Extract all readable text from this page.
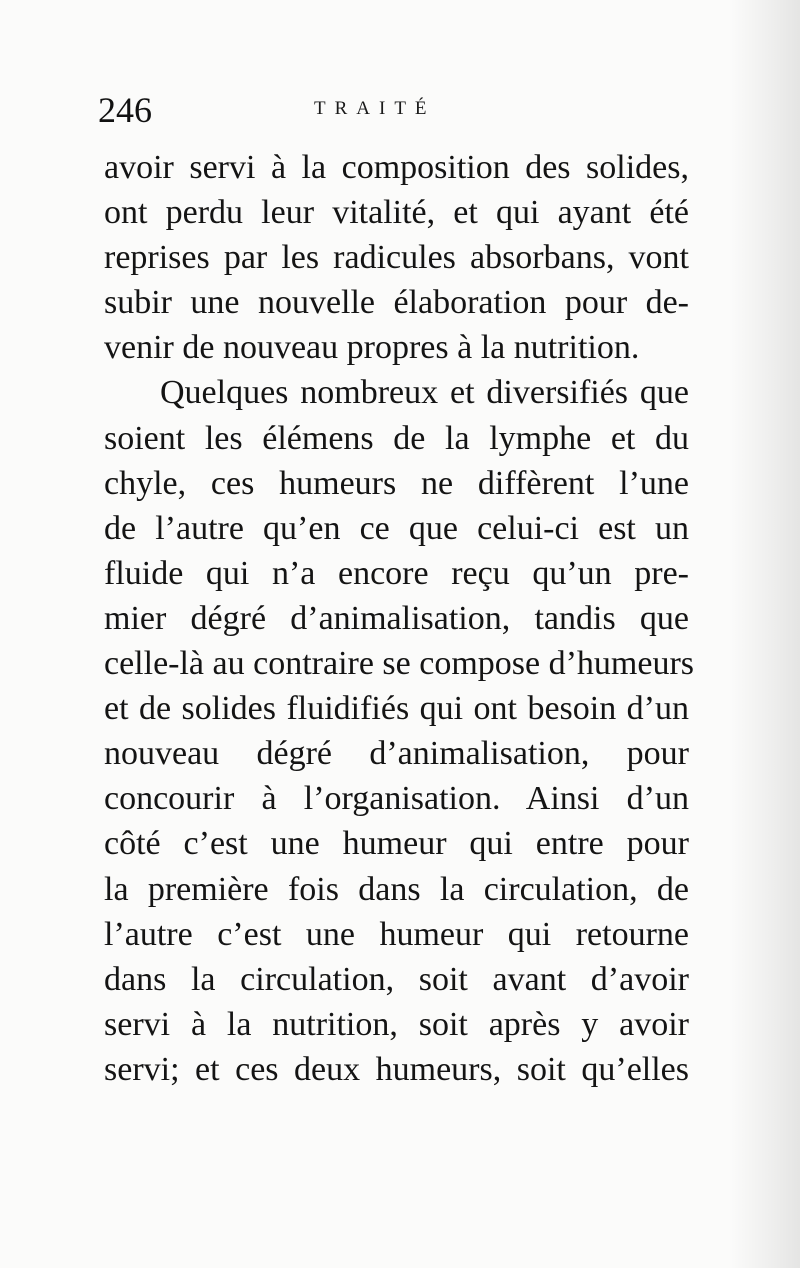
246	TRAITÉ
avoir servi à la composition des solides,
ont perdu leur vitalité, et qui ayant été
reprises par les radicules absorbans, vont
subir une nouvelle élaboration pour de-
venir de nouveau propres à la nutrition.
Quelques nombreux et diversifiés que
soient les élémens de la lymphe et du
chyle, ces humeurs ne diffèrent l’une
de l’autre qu’en ce que celui-ci est un
fluide qui n’a encore reçu qu’un pre-
mier dégré d’animalisation, tandis que
celle-là au contraire se compose d’humeurs
et de solides fluidifiés qui ont besoin d’un
nouveau dégré d’animalisation, pour
concourir à l’organisation. Ainsi d’un
côté c’est une humeur qui entre pour
la première fois dans la circulation, de
l’autre c’est une humeur qui retourne
dans la circulation, soit avant d’avoir
servi à la nutrition, soit après y avoir
servi; et ces deux humeurs, soit qu’elles
